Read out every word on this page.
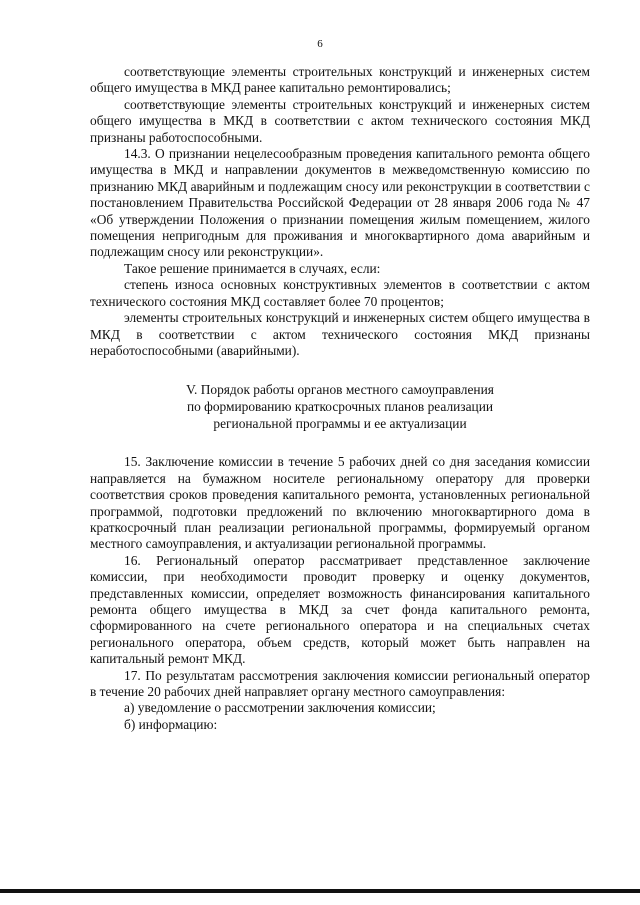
6

соответствующие элементы строительных конструкций и инженерных систем общего имущества в МКД ранее капитально ремонтировались;

соответствующие элементы строительных конструкций и инженерных систем общего имущества в МКД в соответствии с актом технического состояния МКД признаны работоспособными.

14.3. О признании нецелесообразным проведения капитального ремонта общего имущества в МКД и направлении документов в межведомственную комиссию по признанию МКД аварийным и подлежащим сносу или реконструкции в соответствии с постановлением Правительства Российской Федерации от 28 января 2006 года № 47 «Об утверждении Положения о признании помещения жилым помещением, жилого помещения непригодным для проживания и многоквартирного дома аварийным и подлежащим сносу или реконструкции».

Такое решение принимается в случаях, если:

степень износа основных конструктивных элементов в соответствии с актом технического состояния МКД составляет более 70 процентов;

элементы строительных конструкций и инженерных систем общего имущества в МКД в соответствии с актом технического состояния МКД признаны неработоспособными (аварийными).

V. Порядок работы органов местного самоуправления
по формированию краткосрочных планов реализации
региональной программы и ее актуализации

15. Заключение комиссии в течение 5 рабочих дней со дня заседания комиссии направляется на бумажном носителе региональному оператору для проверки соответствия сроков проведения капитального ремонта, установленных региональной программой, подготовки предложений по включению многоквартирного дома в краткосрочный план реализации региональной программы, формируемый органом местного самоуправления, и актуализации региональной программы.

16. Региональный оператор рассматривает представленное заключение комиссии, при необходимости проводит проверку и оценку документов, представленных комиссии, определяет возможность финансирования капитального ремонта общего имущества в МКД за счет фонда капитального ремонта, сформированного на счете регионального оператора и на специальных счетах регионального оператора, объем средств, который может быть направлен на капитальный ремонт МКД.

17. По результатам рассмотрения заключения комиссии региональный оператор в течение 20 рабочих дней направляет органу местного самоуправления:

а) уведомление о рассмотрении заключения комиссии;

б) информацию:
